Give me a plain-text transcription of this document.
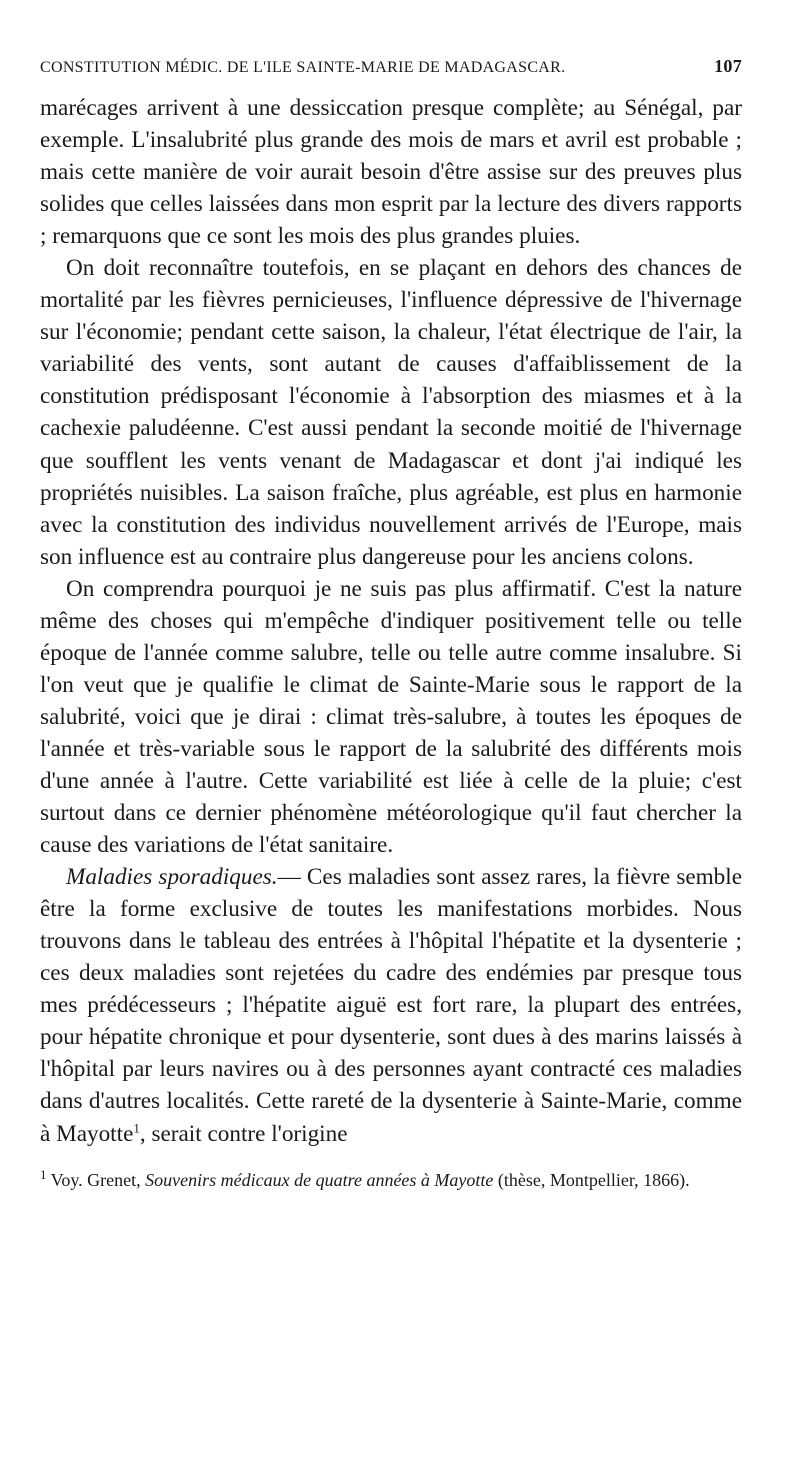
CONSTITUTION MÉDIC. DE L'ILE SAINTE-MARIE DE MADAGASCAR.	107

marécages arrivent à une dessiccation presque complète; au Sénégal, par exemple. L'insalubrité plus grande des mois de mars et avril est probable ; mais cette manière de voir aurait besoin d'être assise sur des preuves plus solides que celles laissées dans mon esprit par la lecture des divers rapports ; remarquons que ce sont les mois des plus grandes pluies.

On doit reconnaître toutefois, en se plaçant en dehors des chances de mortalité par les fièvres pernicieuses, l'influence dépressive de l'hivernage sur l'économie; pendant cette saison, la chaleur, l'état électrique de l'air, la variabilité des vents, sont autant de causes d'affaiblissement de la constitution prédisposant l'économie à l'absorption des miasmes et à la cachexie paludéenne. C'est aussi pendant la seconde moitié de l'hivernage que soufflent les vents venant de Madagascar et dont j'ai indiqué les propriétés nuisibles. La saison fraîche, plus agréable, est plus en harmonie avec la constitution des individus nouvellement arrivés de l'Europe, mais son influence est au contraire plus dangereuse pour les anciens colons.

On comprendra pourquoi je ne suis pas plus affirmatif. C'est la nature même des choses qui m'empêche d'indiquer positivement telle ou telle époque de l'année comme salubre, telle ou telle autre comme insalubre. Si l'on veut que je qualifie le climat de Sainte-Marie sous le rapport de la salubrité, voici que je dirai : climat très-salubre, à toutes les époques de l'année et très-variable sous le rapport de la salubrité des différents mois d'une année à l'autre. Cette variabilité est liée à celle de la pluie; c'est surtout dans ce dernier phénomène météorologique qu'il faut chercher la cause des variations de l'état sanitaire.

Maladies sporadiques.— Ces maladies sont assez rares, la fièvre semble être la forme exclusive de toutes les manifestations morbides. Nous trouvons dans le tableau des entrées à l'hôpital l'hépatite et la dysenterie ; ces deux maladies sont rejetées du cadre des endémies par presque tous mes prédécesseurs ; l'hépatite aiguë est fort rare, la plupart des entrées, pour hépatite chronique et pour dysenterie, sont dues à des marins laissés à l'hôpital par leurs navires ou à des personnes ayant contracté ces maladies dans d'autres localités. Cette rareté de la dysenterie à Sainte-Marie, comme à Mayotte$^1$, serait contre l'origine

$^1$ Voy. Grenet, Souvenirs médicaux de quatre années à Mayotte (thèse, Montpellier, 1866).
